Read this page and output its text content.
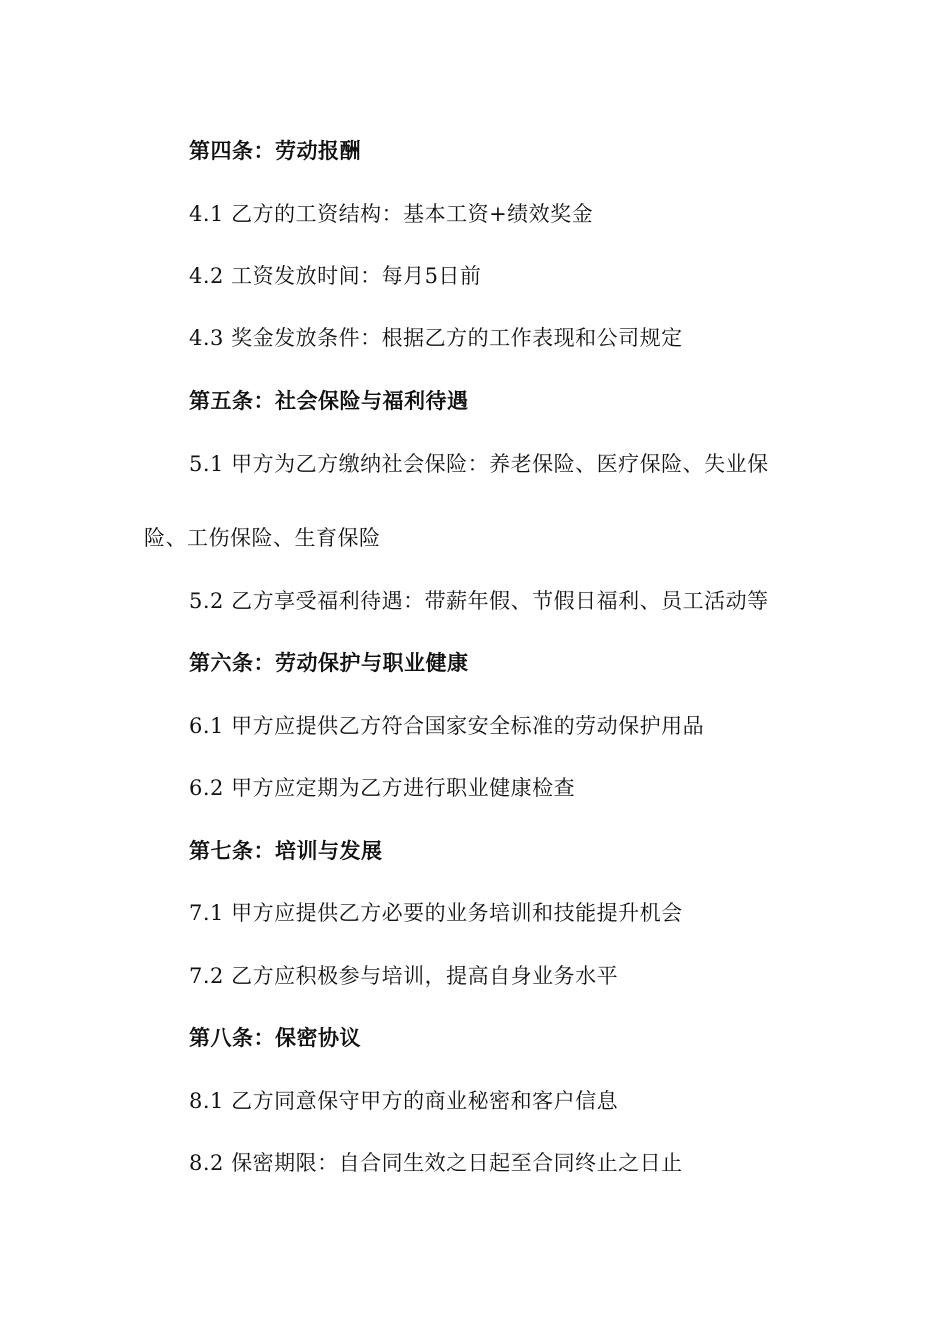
第四条：劳动报酬
4.1 乙方的工资结构：基本工资+绩效奖金
4.2 工资发放时间：每月5日前
4.3 奖金发放条件：根据乙方的工作表现和公司规定
第五条：社会保险与福利待遇
5.1 甲方为乙方缴纳社会保险：养老保险、医疗保险、失业保
险、工伤保险、生育保险
5.2 乙方享受福利待遇：带薪年假、节假日福利、员工活动等
第六条：劳动保护与职业健康
6.1 甲方应提供乙方符合国家安全标准的劳动保护用品
6.2 甲方应定期为乙方进行职业健康检查
第七条：培训与发展
7.1 甲方应提供乙方必要的业务培训和技能提升机会
7.2 乙方应积极参与培训，提高自身业务水平
第八条：保密协议
8.1 乙方同意保守甲方的商业秘密和客户信息
8.2 保密期限：自合同生效之日起至合同终止之日止
